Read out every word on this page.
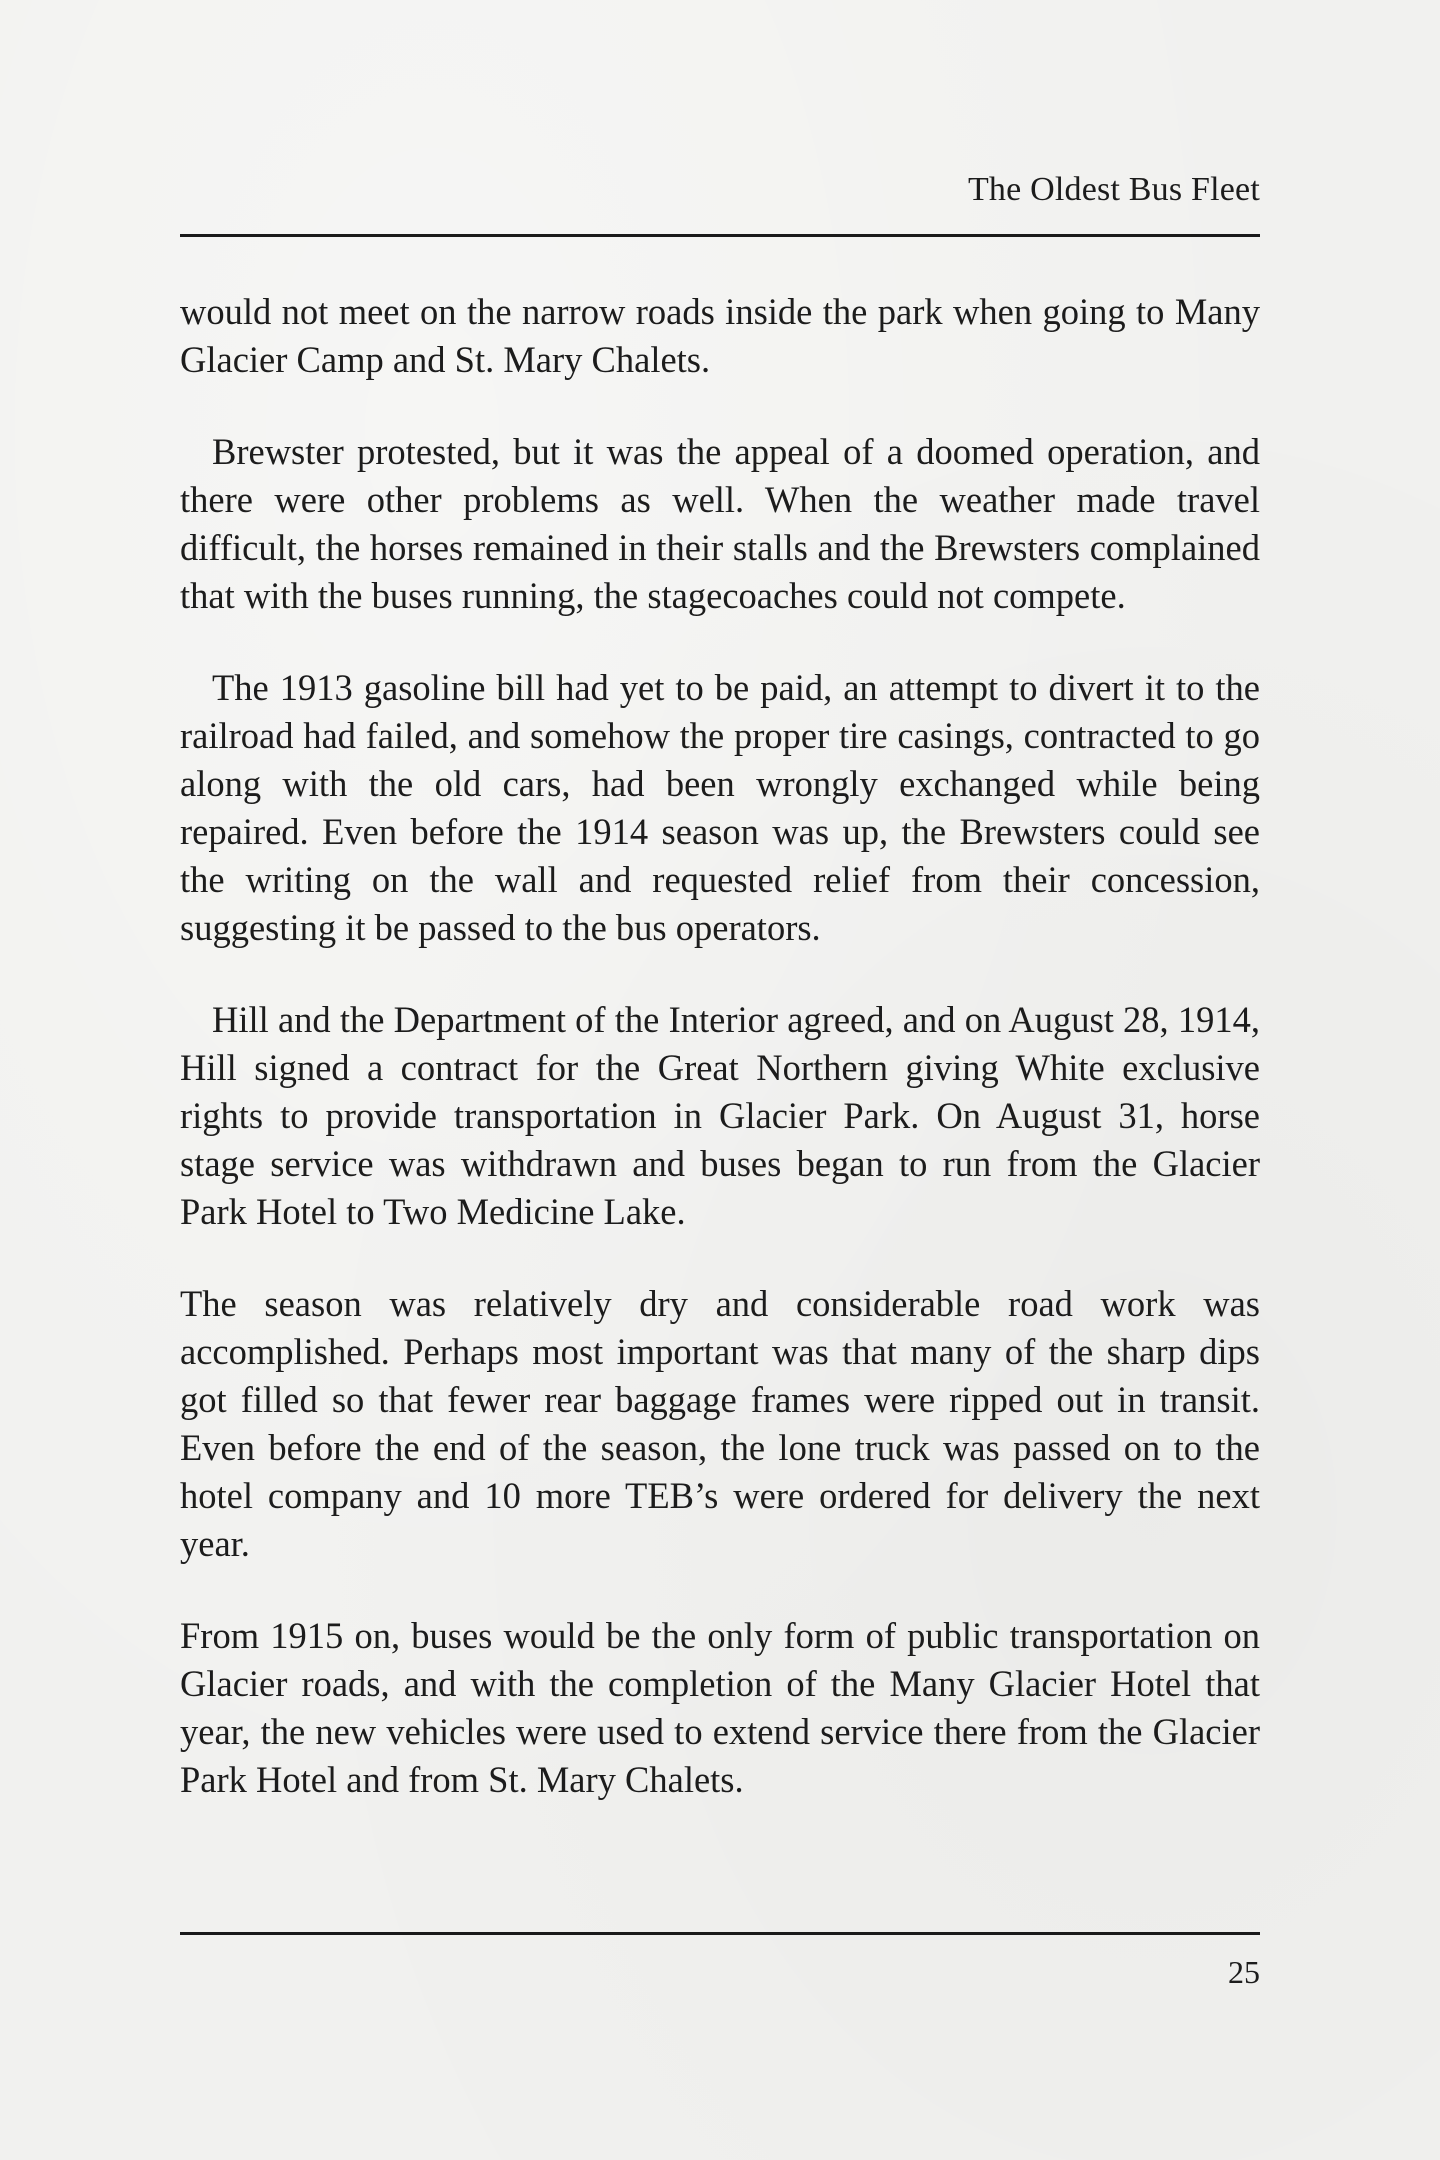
The Oldest Bus Fleet

would not meet on the narrow roads inside the park when going to Many Glacier Camp and St. Mary Chalets.

Brewster protested, but it was the appeal of a doomed operation, and there were other problems as well. When the weather made travel difficult, the horses remained in their stalls and the Brewsters complained that with the buses running, the stagecoaches could not compete.

The 1913 gasoline bill had yet to be paid, an attempt to divert it to the railroad had failed, and somehow the proper tire casings, contracted to go along with the old cars, had been wrongly exchanged while being repaired. Even before the 1914 season was up, the Brewsters could see the writing on the wall and requested relief from their concession, suggesting it be passed to the bus operators.

Hill and the Department of the Interior agreed, and on August 28, 1914, Hill signed a contract for the Great Northern giving White exclusive rights to provide transportation in Glacier Park. On August 31, horse stage service was withdrawn and buses began to run from the Glacier Park Hotel to Two Medicine Lake.

The season was relatively dry and considerable road work was accomplished. Perhaps most important was that many of the sharp dips got filled so that fewer rear baggage frames were ripped out in transit. Even before the end of the season, the lone truck was passed on to the hotel company and 10 more TEB’s were ordered for delivery the next year.

From 1915 on, buses would be the only form of public transportation on Glacier roads, and with the completion of the Many Glacier Hotel that year, the new vehicles were used to extend service there from the Glacier Park Hotel and from St. Mary Chalets.

25
